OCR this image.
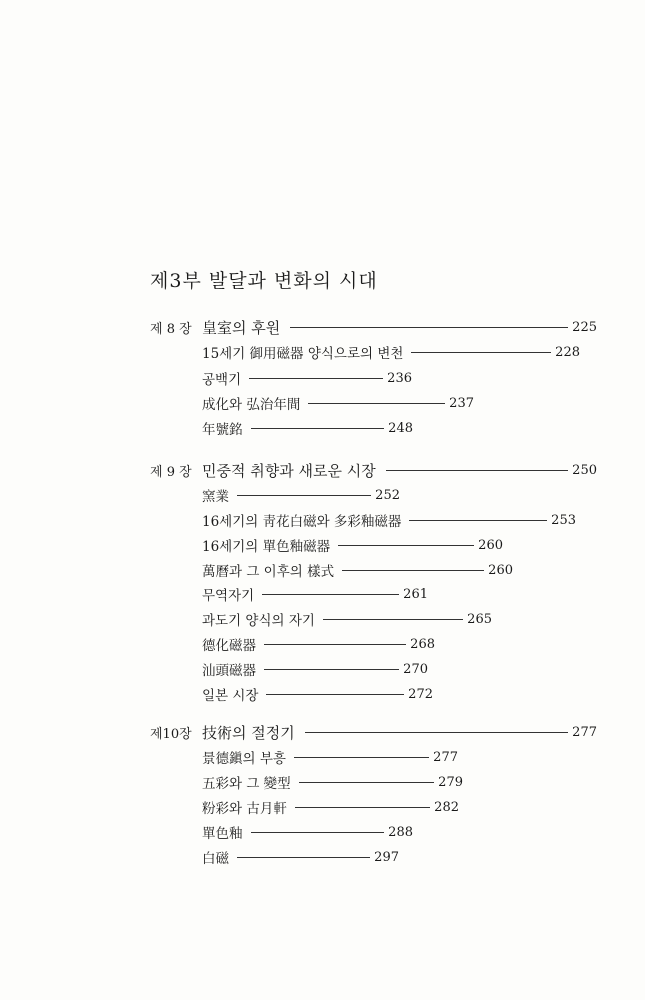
제3부 발달과 변화의 시대
제 8 장 皇室의 후원	225
15세기 御用磁器 양식으로의 변천	228
공백기	236
成化와 弘治年間	237
年號銘	248
제 9 장 민중적 취향과 새로운 시장	250
窯業	252
16세기의 靑花白磁와 多彩釉磁器	253
16세기의 單色釉磁器	260
萬曆과 그 이후의 樣式	260
무역자기	261
과도기 양식의 자기	265
德化磁器	268
汕頭磁器	270
일본 시장	272
제10장 技術의 절정기	277
景德鎭의 부흥	277
五彩와 그 變型	279
粉彩와 古月軒	282
單色釉	288
白磁	297
